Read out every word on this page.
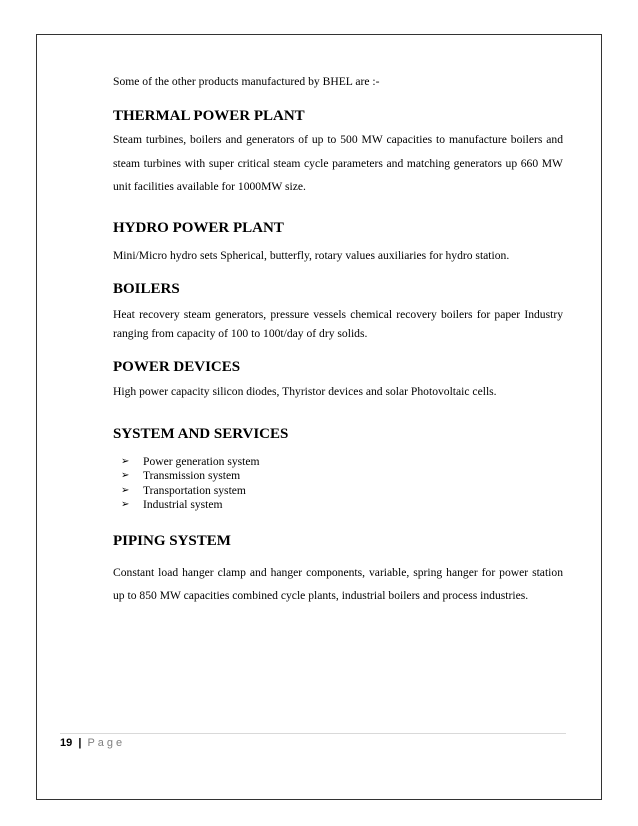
Some of the other products manufactured by BHEL are :-

THERMAL POWER PLANT

Steam turbines, boilers and generators of up to 500 MW capacities to manufacture boilers and steam turbines with super critical steam cycle parameters and matching generators up 660 MW unit facilities available for 1000MW size.

HYDRO POWER PLANT

Mini/Micro hydro sets Spherical, butterfly, rotary values auxiliaries for hydro station.

BOILERS

Heat recovery steam generators, pressure vessels chemical recovery boilers for paper Industry ranging from capacity of 100 to 100t/day of dry solids.

POWER DEVICES

High power capacity silicon diodes, Thyristor devices and solar Photovoltaic cells.

SYSTEM AND SERVICES
➢	Power generation system
➢	Transmission system
➢	Transportation system
➢	Industrial system
PIPING SYSTEM

Constant load hanger clamp and hanger components, variable, spring hanger for power station up to 850 MW capacities combined cycle plants, industrial boilers and process industries.

19 | Page
